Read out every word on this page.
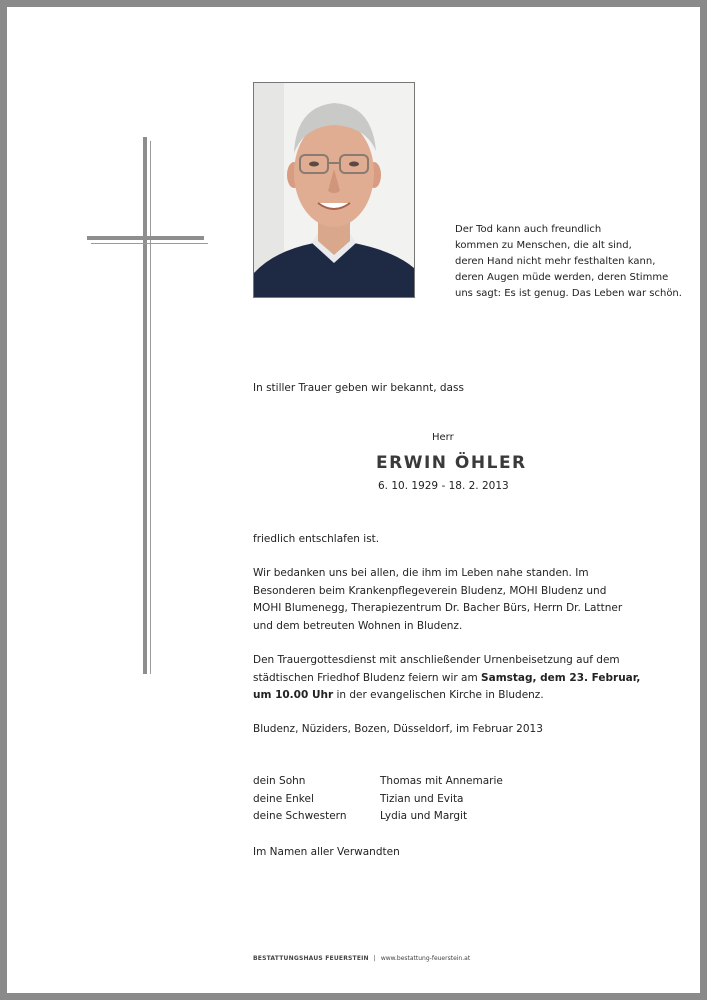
Der Tod kann auch freundlich
kommen zu Menschen, die alt sind,
deren Hand nicht mehr festhalten kann,
deren Augen müde werden, deren Stimme
uns sagt: Es ist genug. Das Leben war schön.
In stiller Trauer geben wir bekannt, dass
Herr
ERWIN ÖHLER
6. 10. 1929 - 18. 2. 2013
friedlich entschlafen ist.
Wir bedanken uns bei allen, die ihm im Leben nahe standen. Im
Besonderen beim Krankenpflegeverein Bludenz, MOHI Bludenz und
MOHI Blumenegg, Therapiezentrum Dr. Bacher Bürs, Herrn Dr. Lattner
und dem betreuten Wohnen in Bludenz.
Den Trauergottesdienst mit anschließender Urnenbeisetzung auf dem
städtischen Friedhof Bludenz feiern wir am Samstag, dem 23. Februar,
um 10.00 Uhr in der evangelischen Kirche in Bludenz.
Bludenz, Nüziders, Bozen, Düsseldorf, im Februar 2013
dein Sohn	Thomas mit Annemarie
deine Enkel	Tizian und Evita
deine Schwestern	Lydia und Margit
Im Namen aller Verwandten
BESTATTUNGSHAUS FEUERSTEIN | www.bestattung-feuerstein.at
